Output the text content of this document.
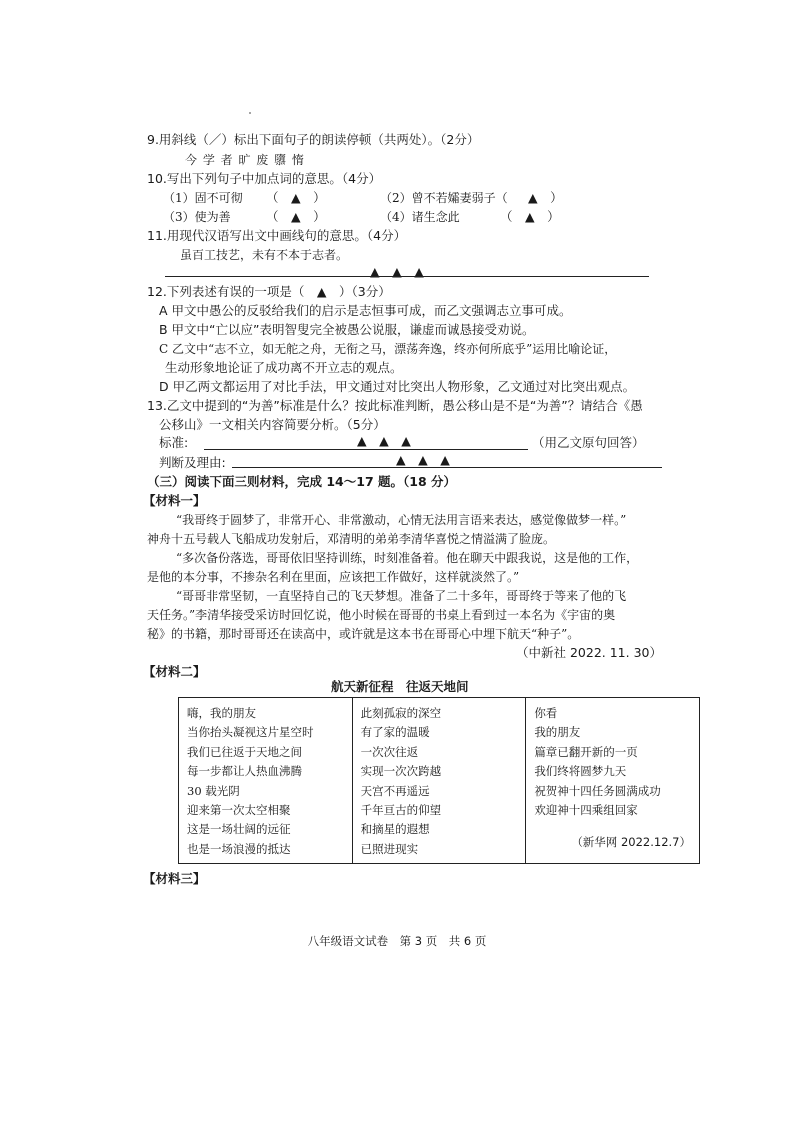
9.用斜线（／）标出下面句子的朗读停顿（共两处）。（2分）
今 学 者 旷 废 隳 惰
10.写出下列句子中加点词的意思。（4分）
（1）固不可彻 （　▲　）	（2）曾不若孀妻弱子（ ▲　）
（3）使为善	（　▲　）	（4）诸生念此	（　▲　）
11.用现代汉语写出文中画线句的意思。（4分）
虽百工技艺，未有不本于志者。
▲　▲　▲
12.下列表述有误的一项是（　▲　）（3分）
A 甲文中愚公的反驳给我们的启示是志恒事可成，而乙文强调志立事可成。
B 甲文中“亡以应”表明智叟完全被愚公说服，谦虚而诚恳接受劝说。
C 乙文中“志不立，如无舵之舟，无衔之马，漂荡奔逸，终亦何所底乎”运用比喻论证，
生动形象地论证了成功离不开立志的观点。
D 甲乙两文都运用了对比手法，甲文通过对比突出人物形象，乙文通过对比突出观点。
13.乙文中提到的“为善”标准是什么？按此标准判断，愚公移山是不是“为善”？请结合《愚
公移山》一文相关内容简要分析。（5分）
标准:	▲　▲　▲	（用乙文原句回答）
判断及理由:	▲　▲　▲
（三）阅读下面三则材料，完成 14～17 题。（18 分）
【材料一】
“我哥终于圆梦了，非常开心、非常激动，心情无法用言语来表达，感觉像做梦一样。”
神舟十五号载人飞船成功发射后，邓清明的弟弟李清华喜悦之情溢满了脸庞。
“多次备份落选，哥哥依旧坚持训练，时刻准备着。他在聊天中跟我说，这是他的工作，
是他的本分事，不掺杂名利在里面，应该把工作做好，这样就淡然了。”
“哥哥非常坚韧，一直坚持自己的飞天梦想。准备了二十多年，哥哥终于等来了他的飞
天任务。”李清华接受采访时回忆说，他小时候在哥哥的书桌上看到过一本名为《宇宙的奥
秘》的书籍，那时哥哥还在读高中，或许就是这本书在哥哥心中埋下航天“种子”。
（中新社 2022. 11. 30）
【材料二】
航天新征程　往返天地间
嗨，我的朋友
当你抬头凝视这片星空时
我们已往返于天地之间
每一步都让人热血沸腾
30 载光阴
迎来第一次太空相聚
这是一场壮阔的远征
也是一场浪漫的抵达

此刻孤寂的深空
有了家的温暖
一次次往返
实现一次次跨越
天宫不再遥远
千年亘古的仰望
和摘星的遐想
已照进现实

你看
我的朋友
篇章已翻开新的一页
我们终将圆梦九天
祝贺神十四任务圆满成功
欢迎神十四乘组回家
（新华网 2022.12.7）
【材料三】
八年级语文试卷　第 3 页　共 6 页
